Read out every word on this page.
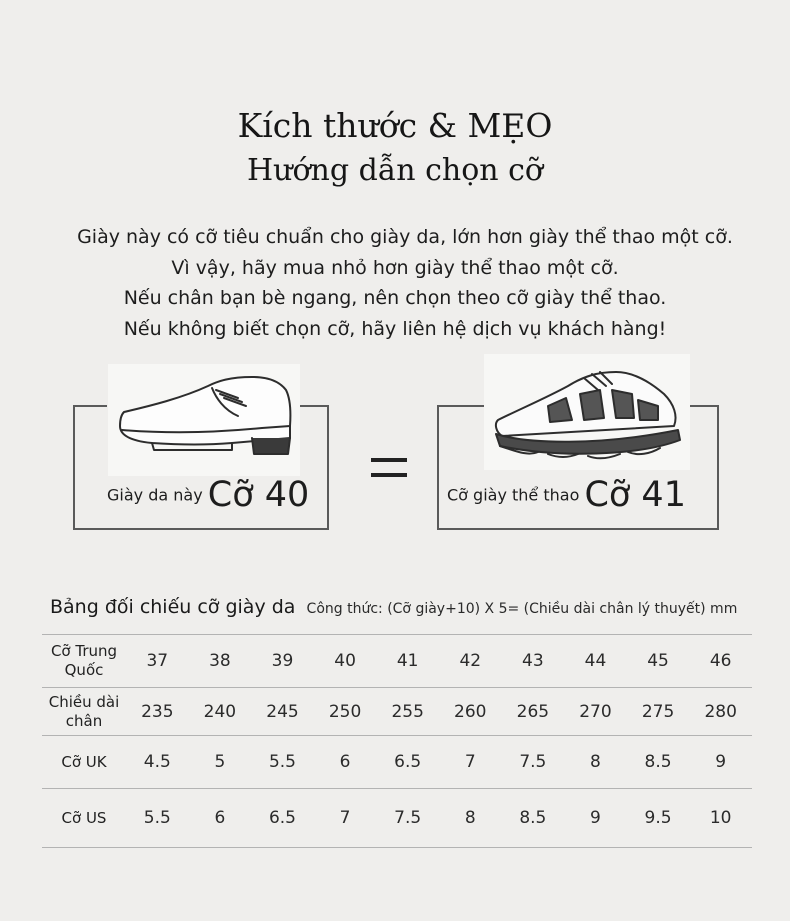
Kích thước & MẸO
Hướng dẫn chọn cỡ
Giày này có cỡ tiêu chuẩn cho giày da, lớn hơn giày thể thao một cỡ.
Vì vậy, hãy mua nhỏ hơn giày thể thao một cỡ.
Nếu chân bạn bè ngang, nên chọn theo cỡ giày thể thao.
Nếu không biết chọn cỡ, hãy liên hệ dịch vụ khách hàng!
Giày da này Cỡ 40	Cỡ giày thể thao Cỡ 41
Bảng đối chiếu cỡ giày da Công thức: (Cỡ giày+10) X 5= (Chiều dài chân lý thuyết) mm
Cỡ Trung Quốc	37	38	39	40	41	42	43	44	45	46
Chiều dài chân	235	240	245	250	255	260	265	270	275	280
Cỡ UK	4.5	5	5.5	6	6.5	7	7.5	8	8.5	9
Cỡ US	5.5	6	6.5	7	7.5	8	8.5	9	9.5	10
